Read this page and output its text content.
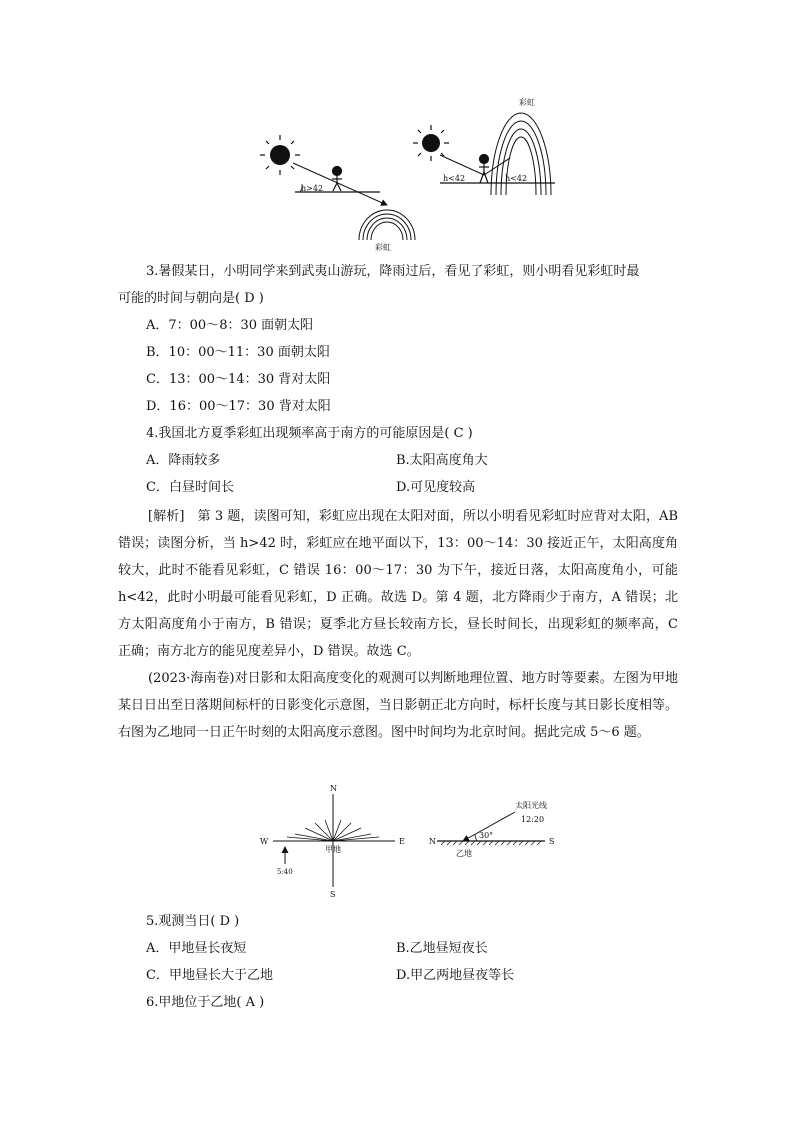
h>42
彩虹
h<42	h<42
彩虹
3.暑假某日，小明同学来到武夷山游玩，降雨过后，看见了彩虹，则小明看见彩虹时最
可能的时间与朝向是( D )
A．7：00～8：30 面朝太阳
B．10：00～11：30 面朝太阳
C．13：00～14：30 背对太阳
D．16：00～17：30 背对太阳
4.我国北方夏季彩虹出现频率高于南方的可能原因是( C )
A．降雨较多	B.太阳高度角大
C．白昼时间长	D.可见度较高
[解析]　第 3 题，读图可知，彩虹应出现在太阳对面，所以小明看见彩虹时应背对太阳，AB 错误；读图分析，当 h>42 时，彩虹应在地平面以下，13：00～14：30 接近正午，太阳高度角较大，此时不能看见彩虹，C 错误 16：00～17：30 为下午，接近日落，太阳高度角小，可能 h<42，此时小明最可能看见彩虹，D 正确。故选 D。第 4 题，北方降雨少于南方，A 错误；北方太阳高度角小于南方，B 错误；夏季北方昼长较南方长，昼长时间长，出现彩虹的频率高，C 正确；南方北方的能见度差异小，D 错误。故选 C。
(2023·海南卷)对日影和太阳高度变化的观测可以判断地理位置、地方时等要素。左图为甲地某日日出至日落期间标杆的日影变化示意图，当日影朝正北方向时，标杆长度与其日影长度相等。右图为乙地同一日正午时刻的太阳高度示意图。图中时间均为北京时间。据此完成 5～6 题。
N
S
W	E
甲地
5:40
太阳光线
12:20
30°
N	S
乙地
5.观测当日( D )
A．甲地昼长夜短	B.乙地昼短夜长
C．甲地昼长大于乙地	D.甲乙两地昼夜等长
6.甲地位于乙地( A )
